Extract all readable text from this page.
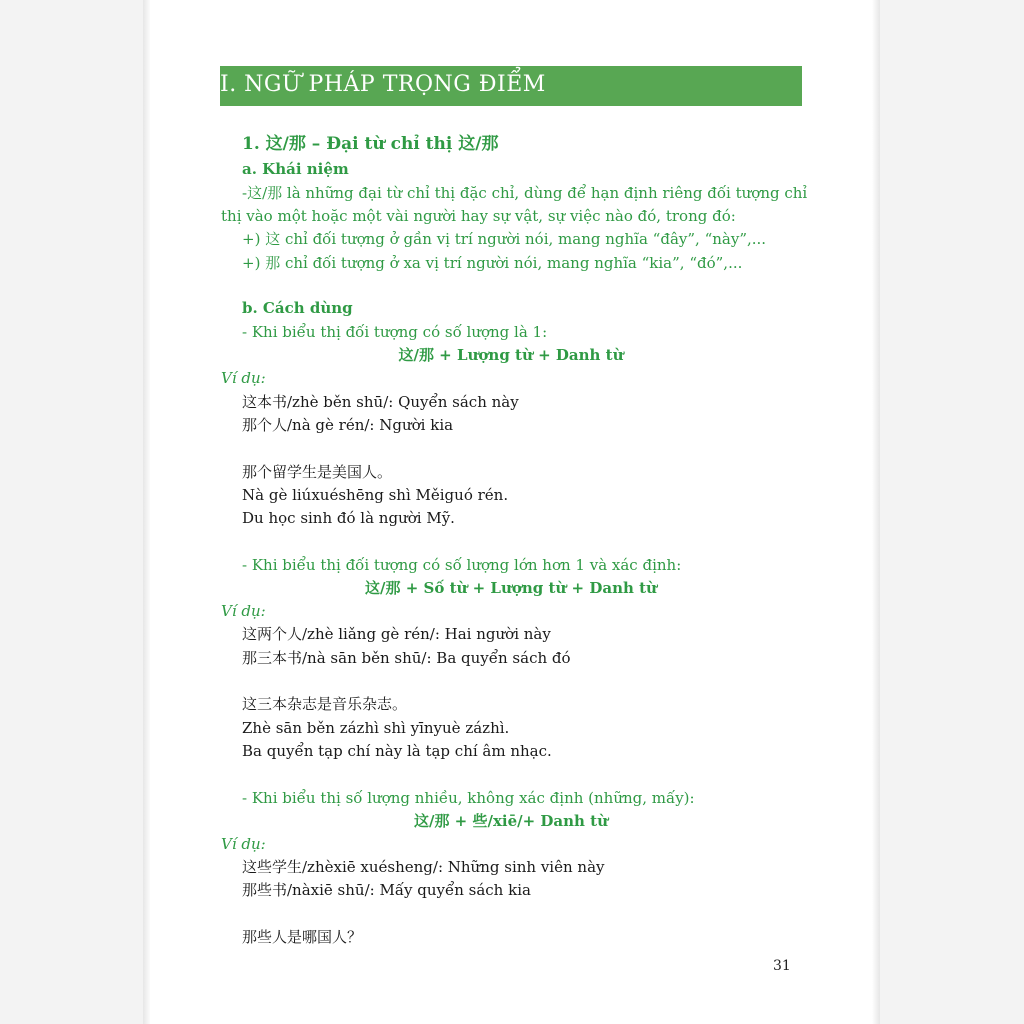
I. NGỮ PHÁP TRỌNG ĐIỂM
1. 这/那 – Đại từ chỉ thị 这/那
a. Khái niệm
-这/那 là những đại từ chỉ thị đặc chỉ, dùng để hạn định riêng đối tượng chỉ
thị vào một hoặc một vài người hay sự vật, sự việc nào đó, trong đó:
+) 这 chỉ đối tượng ở gần vị trí người nói, mang nghĩa “đây”, “này”,...
+) 那 chỉ đối tượng ở xa vị trí người nói, mang nghĩa “kia”, “đó”,...
b. Cách dùng
- Khi biểu thị đối tượng có số lượng là 1:
这/那 + Lượng từ + Danh từ
Ví dụ:
这本书/zhè běn shū/: Quyển sách này
那个人/nà gè rén/: Người kia
那个留学生是美国人。
Nà gè liúxuéshēng shì Měiguó rén.
Du học sinh đó là người Mỹ.
- Khi biểu thị đối tượng có số lượng lớn hơn 1 và xác định:
这/那 + Số từ + Lượng từ + Danh từ
Ví dụ:
这两个人/zhè liǎng gè rén/: Hai người này
那三本书/nà sān běn shū/: Ba quyển sách đó
这三本杂志是音乐杂志。
Zhè sān běn zázhì shì yīnyuè zázhì.
Ba quyển tạp chí này là tạp chí âm nhạc.
- Khi biểu thị số lượng nhiều, không xác định (những, mấy):
这/那 + 些/xiē/+ Danh từ
Ví dụ:
这些学生/zhèxiē xuésheng/: Những sinh viên này
那些书/nàxiē shū/: Mấy quyển sách kia
那些人是哪国人？
31
